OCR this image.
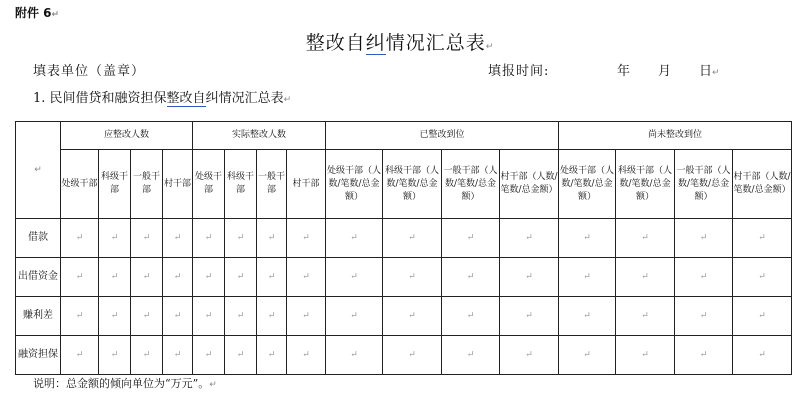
附件 6↵
整改自纠情况汇总表↵
填表单位（盖章）	填报时间:	年 月 日↵
1. 民间借贷和融资担保整改自纠情况汇总表↵
↵	应整改人数				实际整改人数				已整改到位				尚未整改到位			
	处级干部	科级干部	一般干部	村干部	处级干部	科级干部	一般干部	村干部	处级干部（人数/笔数/总金额）	科级干部（人数/笔数/总金额）	一般干部（人数/笔数/总金额）	村干部（人数/笔数/总金额）	处级干部（人数/笔数/总金额）	科级干部（人数/笔数/总金额）	一般干部（人数/笔数/总金额）	村干部（人数/笔数/总金额）
借款	↵	↵	↵	↵	↵	↵	↵	↵	↵	↵	↵	↵	↵	↵	↵	↵
出借资金	↵	↵	↵	↵	↵	↵	↵	↵	↵	↵	↵	↵	↵	↵	↵	↵
赚利差	↵	↵	↵	↵	↵	↵	↵	↵	↵	↵	↵	↵	↵	↵	↵	↵
融资担保	↵	↵	↵	↵	↵	↵	↵	↵	↵	↵	↵	↵	↵	↵	↵	↵
说明：总金额的倾向单位为“万元”。↵
